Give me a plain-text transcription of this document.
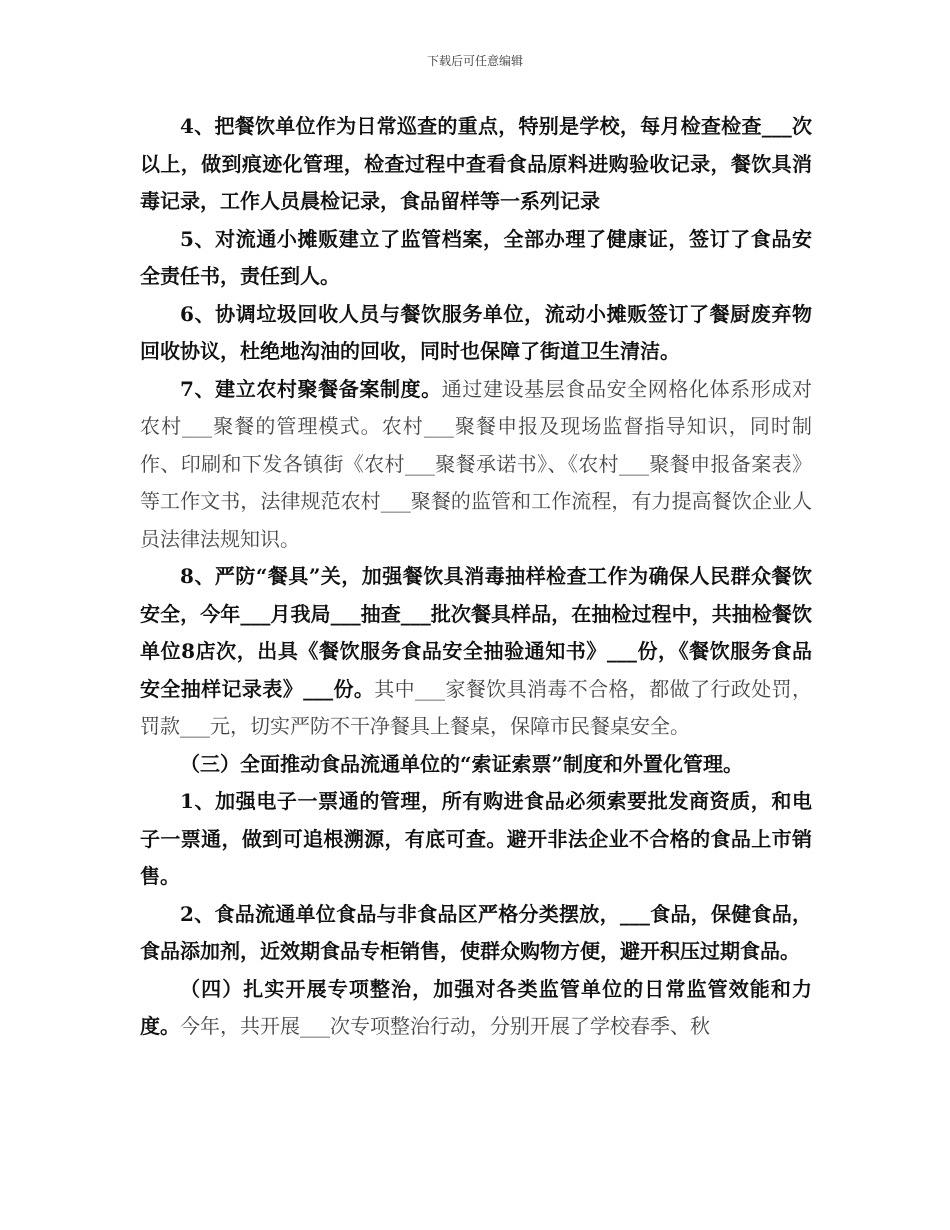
下载后可任意编辑

4、把餐饮单位作为日常巡查的重点，特别是学校，每月检查检查___次以上，做到痕迹化管理，检查过程中查看食品原料进购验收记录，餐饮具消毒记录，工作人员晨检记录，食品留样等一系列记录

5、对流通小摊贩建立了监管档案，全部办理了健康证，签订了食品安全责任书，责任到人。

6、协调垃圾回收人员与餐饮服务单位，流动小摊贩签订了餐厨废弃物回收协议，杜绝地沟油的回收，同时也保障了街道卫生清洁。

7、建立农村聚餐备案制度。通过建设基层食品安全网格化体系形成对农村___聚餐的管理模式。农村___聚餐申报及现场监督指导知识，同时制作、印刷和下发各镇街《农村___聚餐承诺书》、《农村___聚餐申报备案表》等工作文书，法律规范农村___聚餐的监管和工作流程，有力提高餐饮企业人员法律法规知识。

8、严防“餐具”关，加强餐饮具消毒抽样检查工作为确保人民群众餐饮安全，今年___月我局___抽查___批次餐具样品，在抽检过程中，共抽检餐饮单位8店次，出具《餐饮服务食品安全抽验通知书》___份，《餐饮服务食品安全抽样记录表》___份。其中___家餐饮具消毒不合格，都做了行政处罚，罚款___元，切实严防不干净餐具上餐桌，保障市民餐桌安全。

（三）全面推动食品流通单位的“索证索票”制度和外置化管理。

1、加强电子一票通的管理，所有购进食品必须索要批发商资质，和电子一票通，做到可追根溯源，有底可查。避开非法企业不合格的食品上市销售。

2、食品流通单位食品与非食品区严格分类摆放，___食品，保健食品，食品添加剂，近效期食品专柜销售，使群众购物方便，避开积压过期食品。

（四）扎实开展专项整治，加强对各类监管单位的日常监管效能和力度。今年，共开展___次专项整治行动，分别开展了学校春季、秋
